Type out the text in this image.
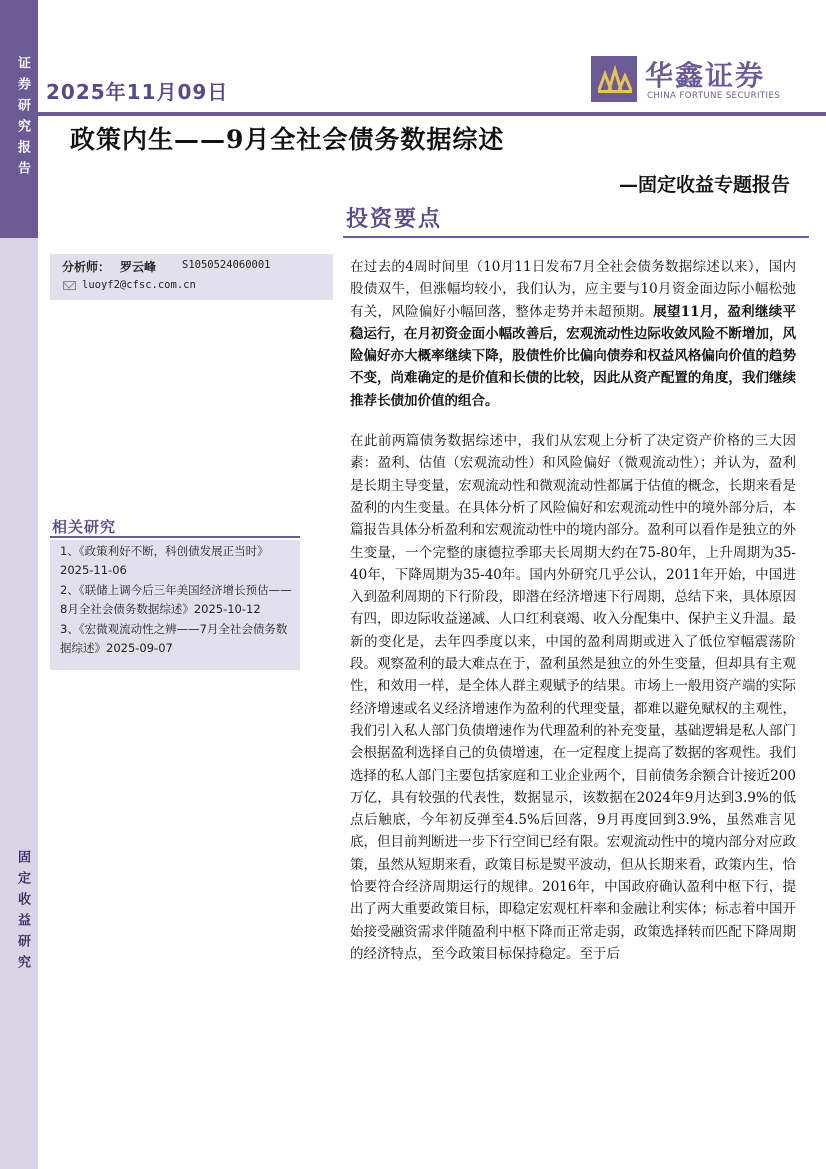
证券研究报告
固定收益研究
2025年11月09日	华鑫证券
CHINA FORTUNE SECURITIES
政策内生——9月全社会债务数据综述
—固定收益专题报告
投资要点
分析师： 罗云峰 S1050524060001
luoyf2@cfsc.com.cn
相关研究
1、《政策利好不断，科创债发展正当时》2025-11-06
2、《联储上调今后三年美国经济增长预估——8月全社会债务数据综述》2025-10-12
3、《宏微观流动性之辨——7月全社会债务数据综述》2025-09-07

在过去的4周时间里（10月11日发布7月全社会债务数据综述以来），国内股债双牛，但涨幅均较小，我们认为，应主要与10月资金面边际小幅松弛有关，风险偏好小幅回落，整体走势并未超预期。展望11月，盈利继续平稳运行，在月初资金面小幅改善后，宏观流动性边际收敛风险不断增加，风险偏好亦大概率继续下降，股债性价比偏向债券和权益风格偏向价值的趋势不变，尚难确定的是价值和长债的比较，因此从资产配置的角度，我们继续推荐长债加价值的组合。

在此前两篇债务数据综述中，我们从宏观上分析了决定资产价格的三大因素：盈利、估值（宏观流动性）和风险偏好（微观流动性）；并认为，盈利是长期主导变量，宏观流动性和微观流动性都属于估值的概念，长期来看是盈利的内生变量。在具体分析了风险偏好和宏观流动性中的境外部分后，本篇报告具体分析盈利和宏观流动性中的境内部分。盈利可以看作是独立的外生变量，一个完整的康德拉季耶夫长周期大约在75-80年，上升周期为35-40年，下降周期为35-40年。国内外研究几乎公认，2011年开始，中国进入到盈利周期的下行阶段，即潜在经济增速下行周期，总结下来，具体原因有四，即边际收益递减、人口红利衰竭、收入分配集中、保护主义升温。最新的变化是，去年四季度以来，中国的盈利周期或进入了低位窄幅震荡阶段。观察盈利的最大难点在于，盈利虽然是独立的外生变量，但却具有主观性，和效用一样，是全体人群主观赋予的结果。市场上一般用资产端的实际经济增速或名义经济增速作为盈利的代理变量，都难以避免赋权的主观性，我们引入私人部门负债增速作为代理盈利的补充变量，基础逻辑是私人部门会根据盈利选择自己的负债增速，在一定程度上提高了数据的客观性。我们选择的私人部门主要包括家庭和工业企业两个，目前债务余额合计接近200万亿，具有较强的代表性，数据显示，该数据在2024年9月达到3.9%的低点后触底，今年初反弹至4.5%后回落，9月再度回到3.9%，虽然难言见底，但目前判断进一步下行空间已经有限。宏观流动性中的境内部分对应政策，虽然从短期来看，政策目标是熨平波动，但从长期来看，政策内生，恰恰要符合经济周期运行的规律。2016年，中国政府确认盈利中枢下行，提出了两大重要政策目标，即稳定宏观杠杆率和金融让利实体；标志着中国开始接受融资需求伴随盈利中枢下降而正常走弱，政策选择转而匹配下降周期的经济特点，至今政策目标保持稳定。至于后
